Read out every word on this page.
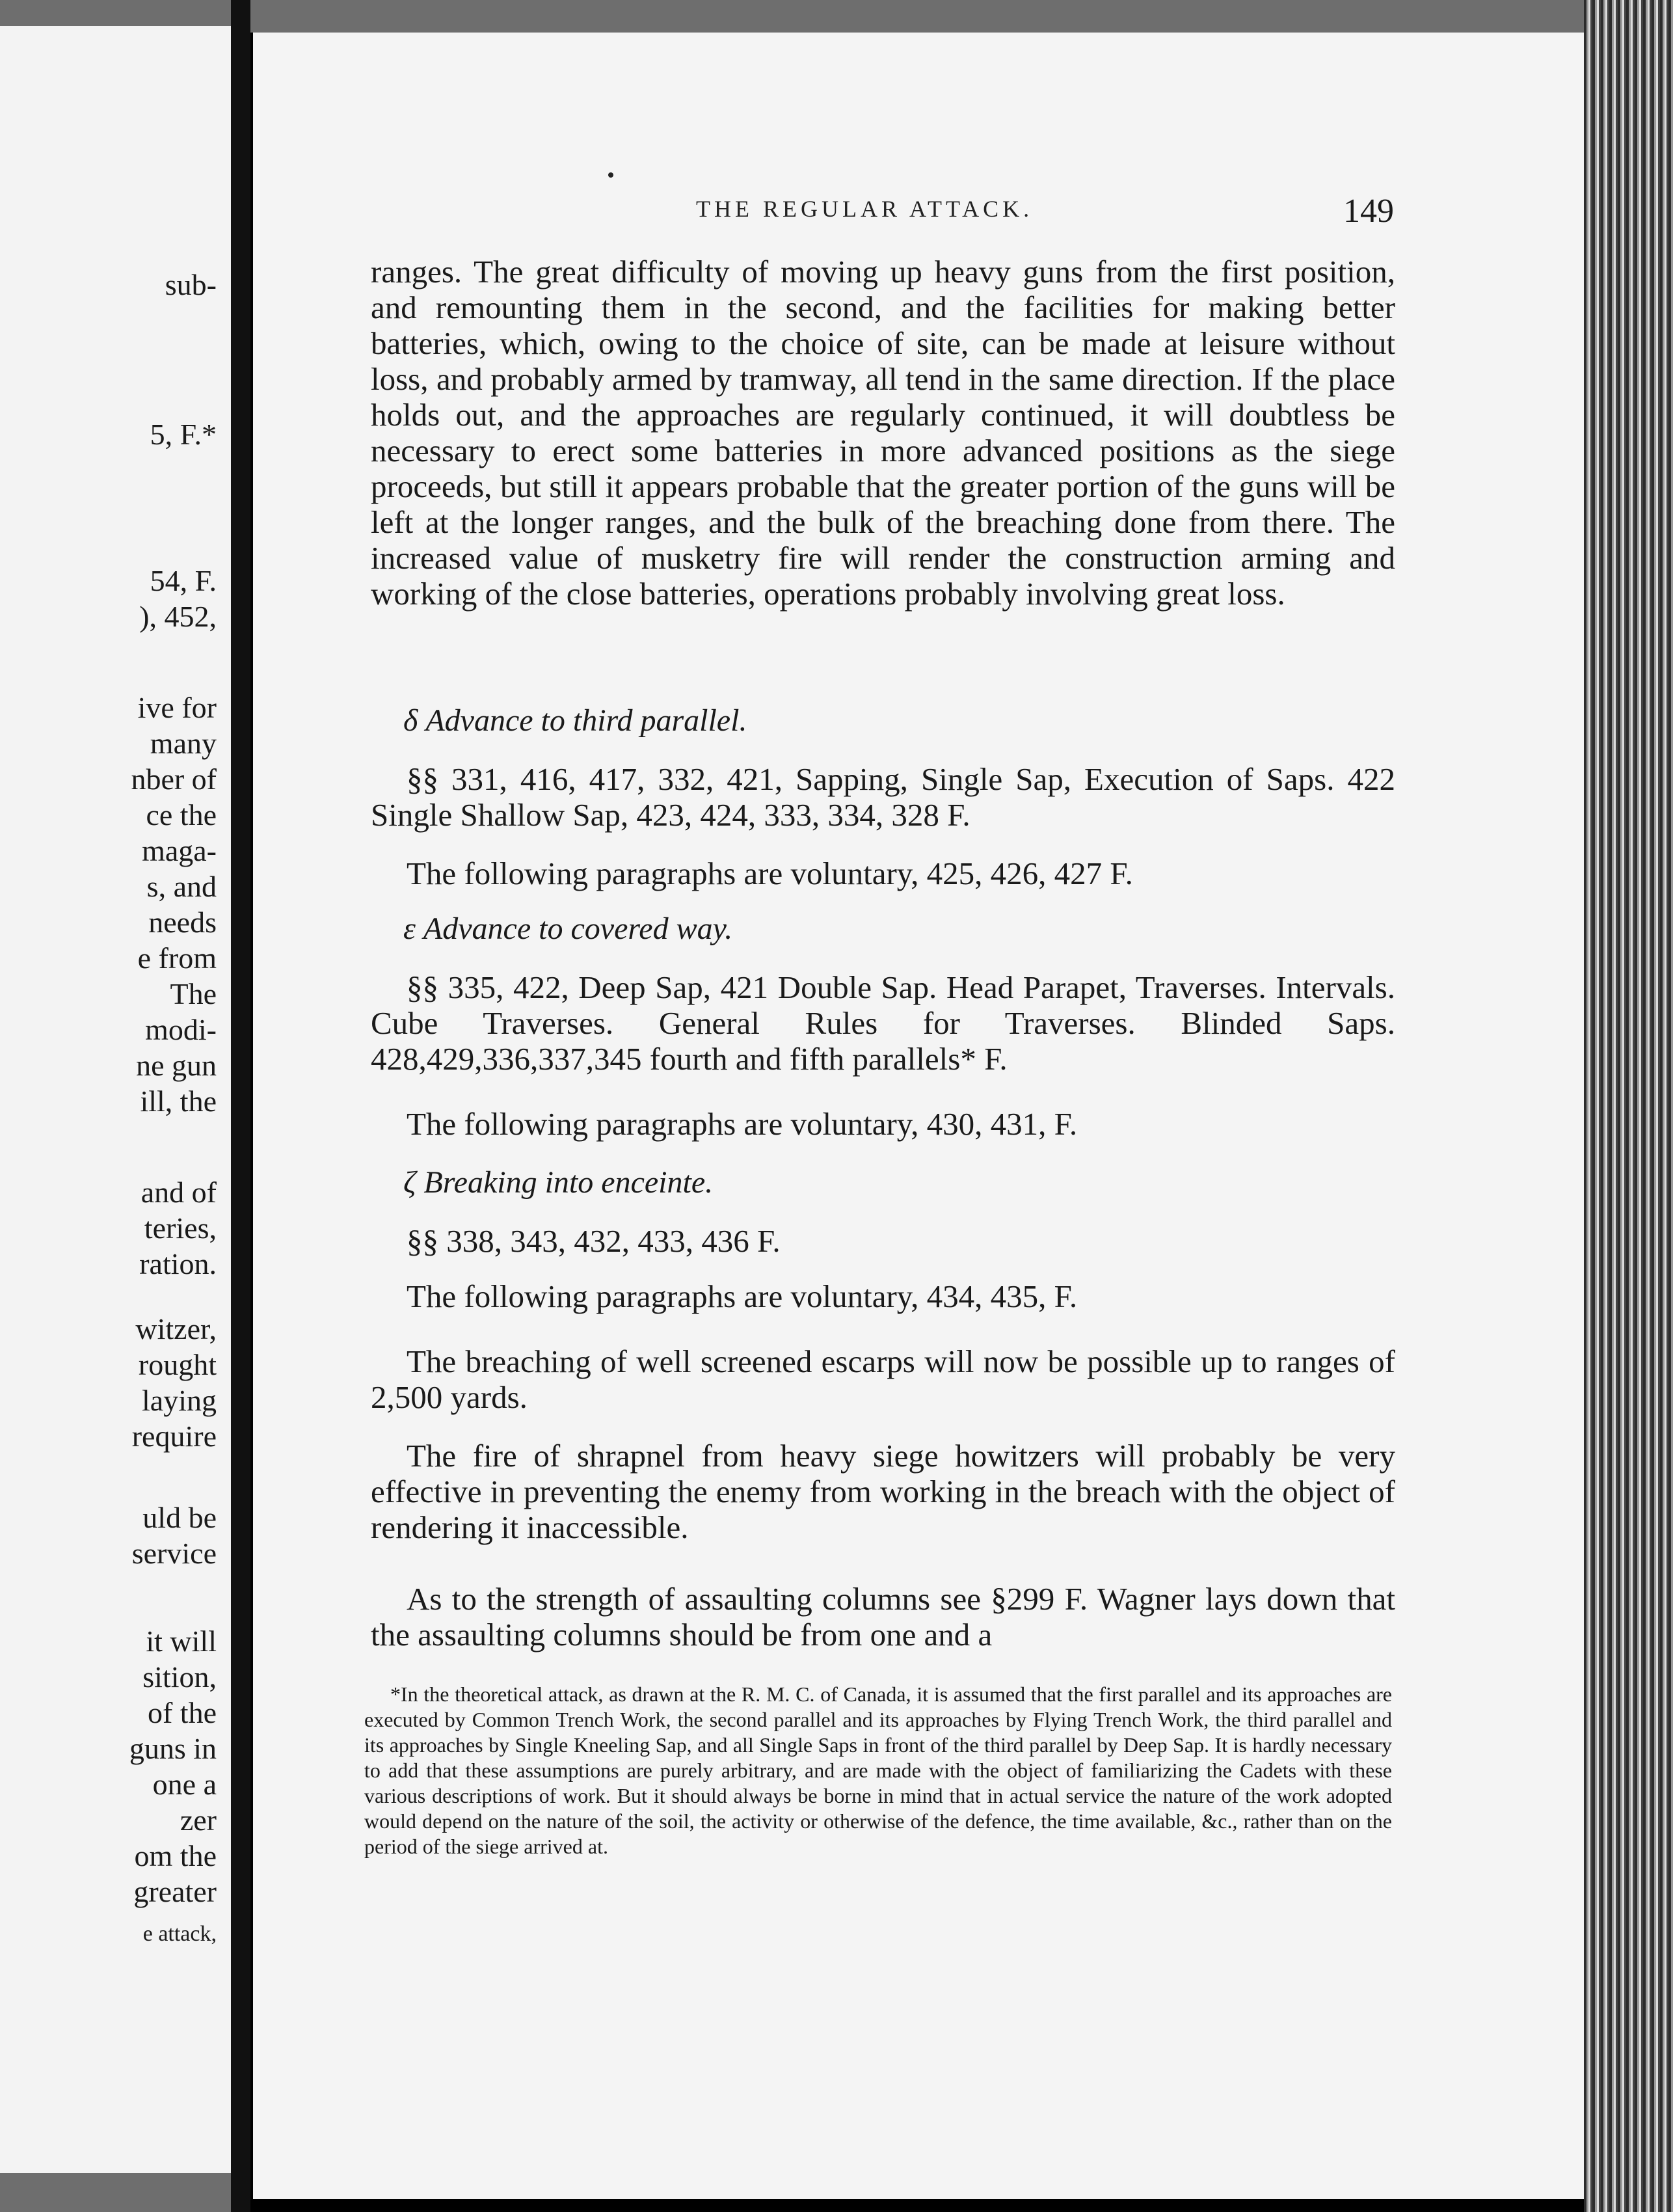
sub-
5, F.*
54, F.
), 452,
ive for
many
nber of
ce the
maga-
s, and
needs
e from
The
modi-
ne gun
ill, the
and of
teries,
ration.
witzer,
rought
laying
require
uld be
service
it will
sition,
of the
guns in
one a
zer
om the
greater
e attack,
THE REGULAR ATTACK.	149
ranges. The great difficulty of moving up heavy guns from the first position, and remounting them in the second, and the facilities for making better batteries, which, owing to the choice of site, can be made at leisure without loss, and probably armed by tramway, all tend in the same direction. If the place holds out, and the approaches are regularly continued, it will doubtless be necessary to erect some batteries in more advanced positions as the siege proceeds, but still it appears probable that the greater portion of the guns will be left at the longer ranges, and the bulk of the breaching done from there. The increased value of musketry fire will render the construction arming and working of the close batteries, operations probably involving great loss.
δ Advance to third parallel.
§§ 331, 416, 417, 332, 421, Sapping, Single Sap, Execution of Saps. 422 Single Shallow Sap, 423, 424, 333, 334, 328 F.
The following paragraphs are voluntary, 425, 426, 427 F.
ε Advance to covered way.
§§ 335, 422, Deep Sap, 421 Double Sap. Head Parapet, Traverses. Intervals. Cube Traverses. General Rules for Traverses. Blinded Saps. 428,429,336,337,345 fourth and fifth parallels* F.
The following paragraphs are voluntary, 430, 431, F.
ζ Breaking into enceinte.
§§ 338, 343, 432, 433, 436 F.
The following paragraphs are voluntary, 434, 435, F.
The breaching of well screened escarps will now be possible up to ranges of 2,500 yards.
The fire of shrapnel from heavy siege howitzers will probably be very effective in preventing the enemy from working in the breach with the object of rendering it inaccessible.
As to the strength of assaulting columns see §299 F. Wagner lays down that the assaulting columns should be from one and a
*In the theoretical attack, as drawn at the R. M. C. of Canada, it is assumed that the first parallel and its approaches are executed by Common Trench Work, the second parallel and its approaches by Flying Trench Work, the third parallel and its approaches by Single Kneeling Sap, and all Single Saps in front of the third parallel by Deep Sap. It is hardly necessary to add that these assumptions are purely arbitrary, and are made with the object of familiarizing the Cadets with these various descriptions of work. But it should always be borne in mind that in actual service the nature of the work adopted would depend on the nature of the soil, the activity or otherwise of the defence, the time available, &c., rather than on the period of the siege arrived at.
